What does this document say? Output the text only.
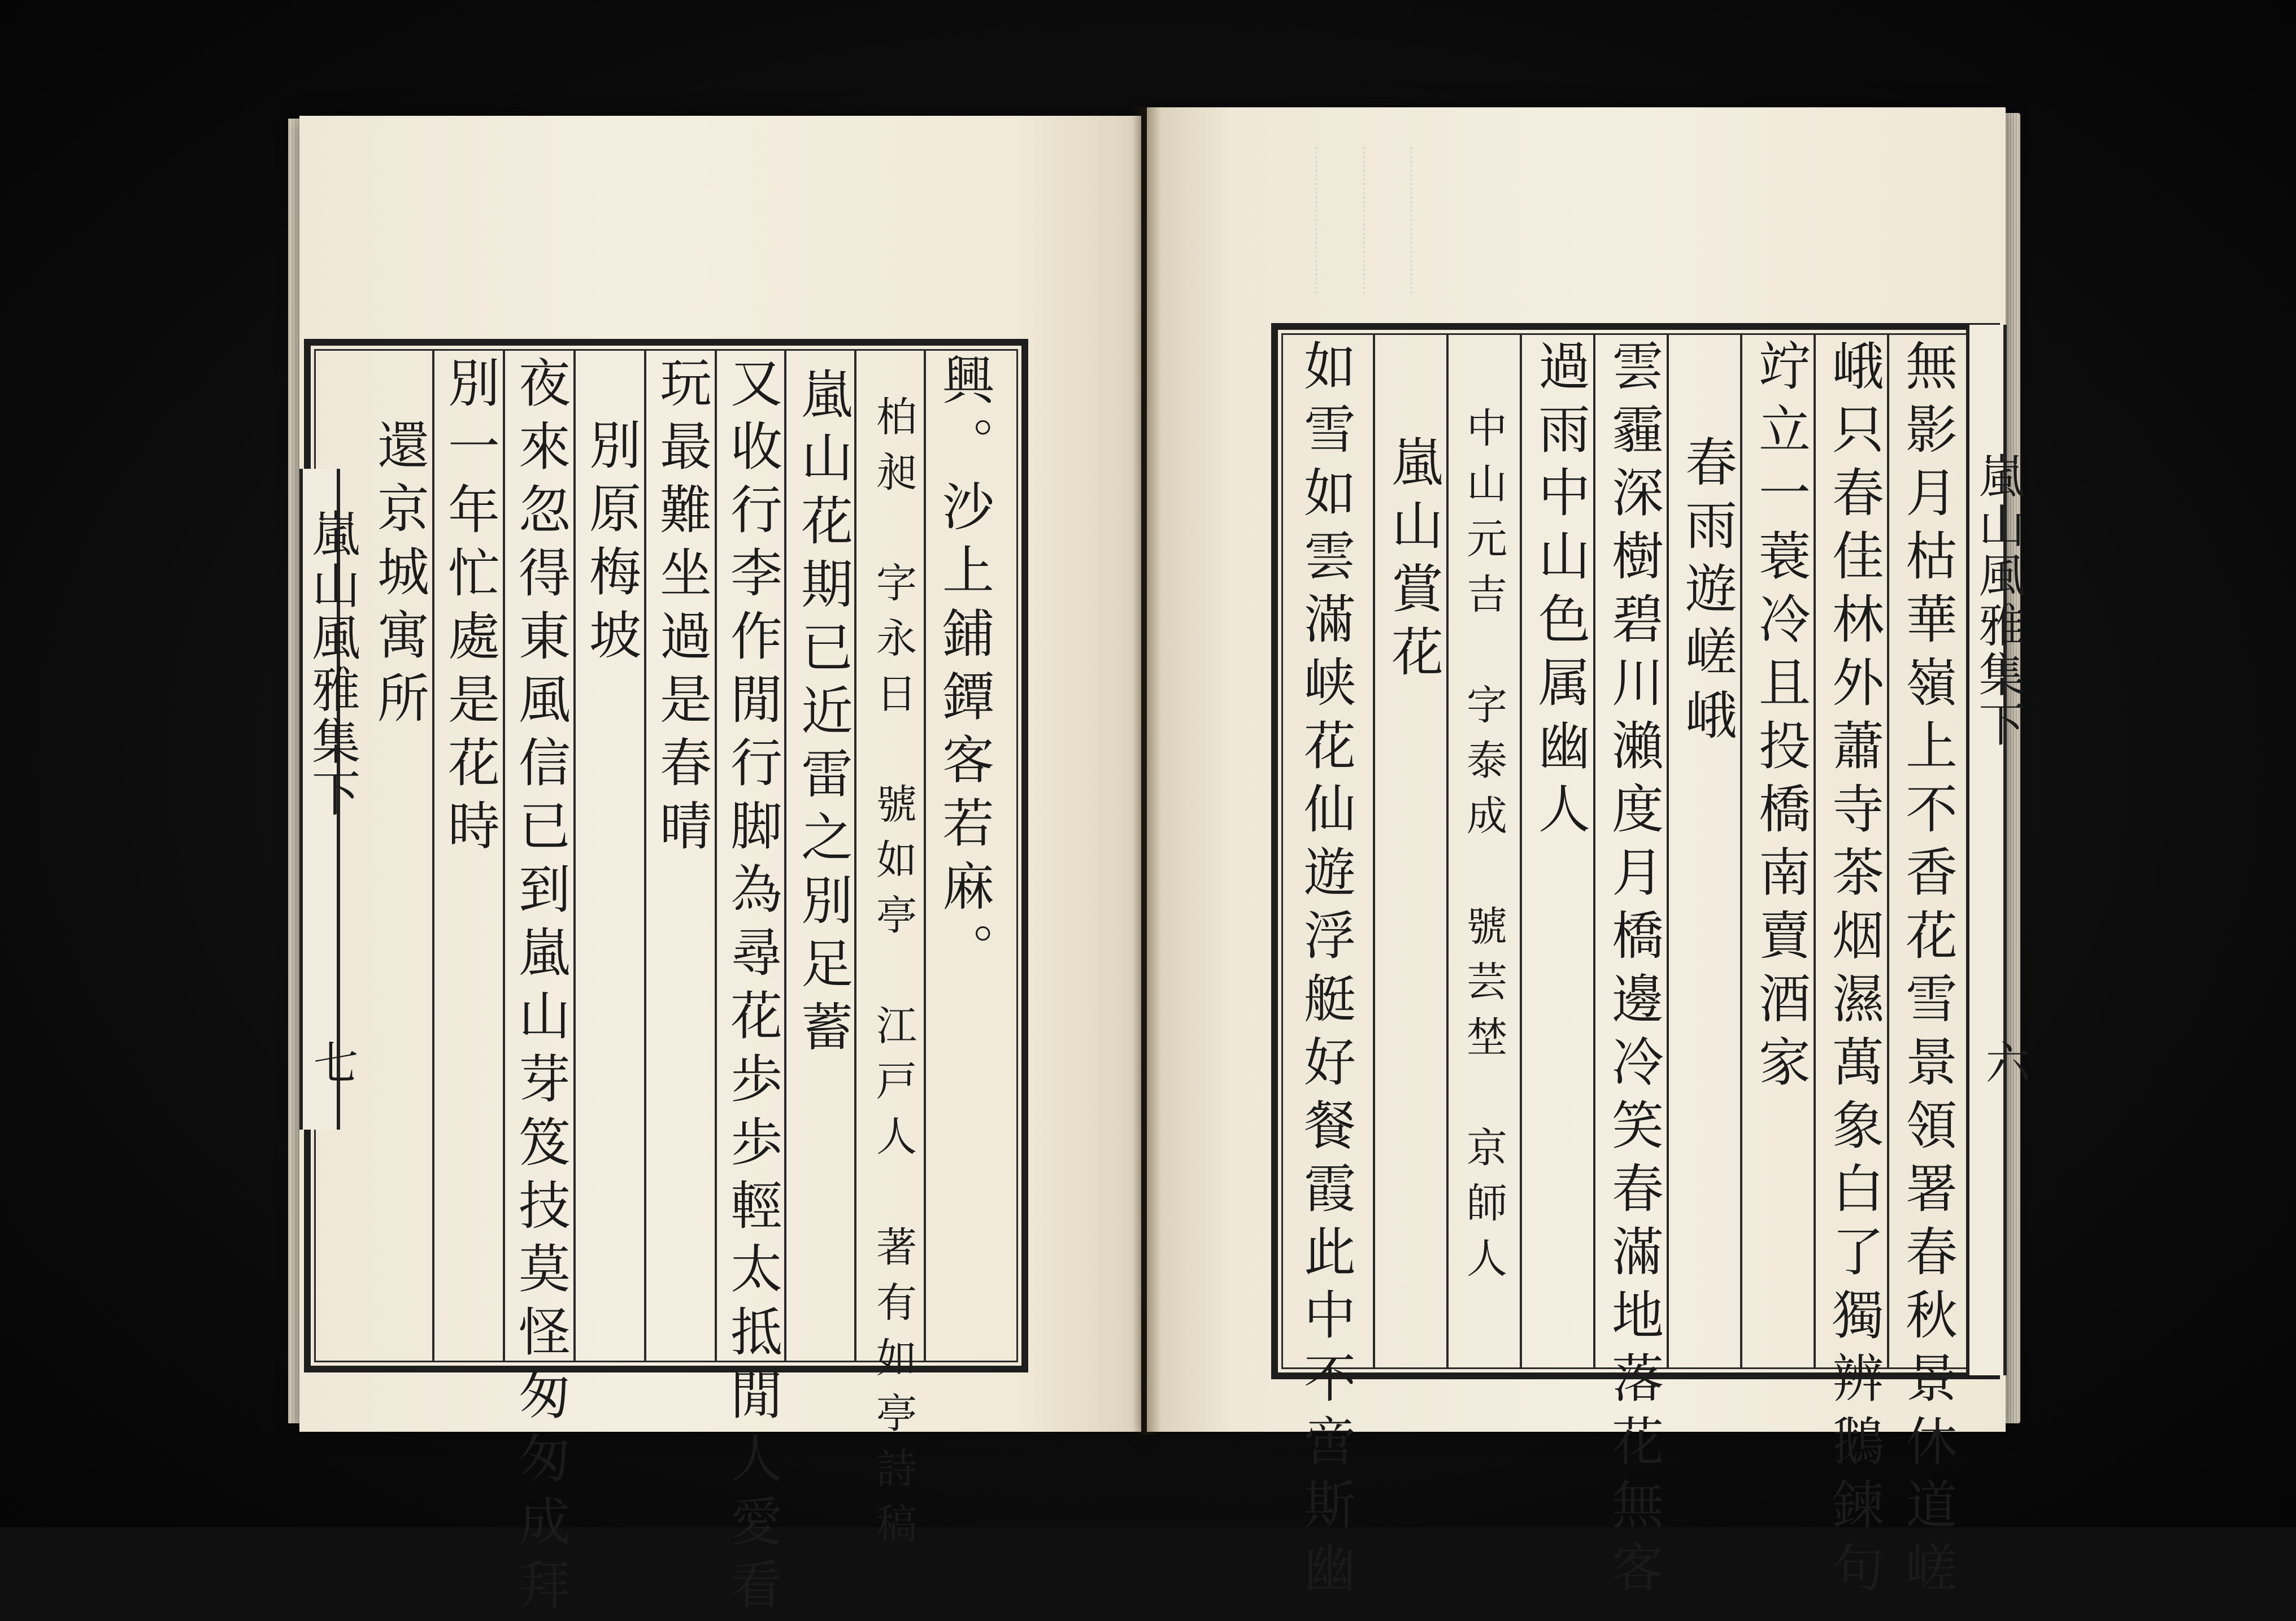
興。沙上鋪鐔客若麻。
柏昶　字永日　號如亭　江戸人　著有如亭詩稿
嵐山花期已近雷之別足蓄
又收行李作閒行脚為尋花歩歩輕太抵閒人愛看
玩最難坐過是春晴
別原梅坡
夜來忽得東風信已到嵐山芽笈技莫怪匆匆成拜
別一年忙處是花時
還京城寓所
嵐山風雅集下
七	無影月枯華嶺上不香花雪景領署春秋景休道嵯
峨只春佳林外蕭寺茶烟濕萬象白了獨辨鵝鍊句
竚立一蓑冷且投橋南賣酒家
春雨遊嵯峨
雲霾深樹碧川瀨度月橋邊冷笑春滿地落花無客
過雨中山色属幽人
中山元吉　字泰成　號芸埜　京師人
嵐山賞花
如雪如雲滿峡花仙遊浮艇好餐霞此中不啻斯幽	嵐山風雅集下
六
